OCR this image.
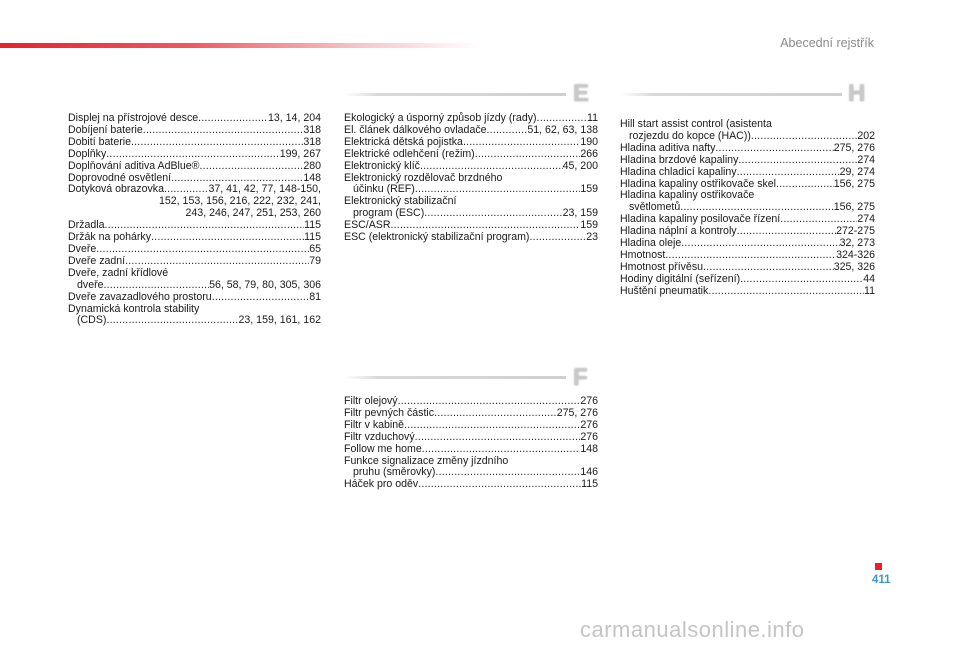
Abecední rejstřík
E
F
H
Displej na přístrojové desce .....	13, 14, 204
Dobíjení baterie .....	318
Dobití baterie .....	318
Doplňky .....	199, 267
Doplňování aditiva AdBlue® .....	280
Doprovodné osvětlení .....	148
Dotyková obrazovka .....	37, 41, 42, 77, 148-150,
152, 153, 156, 216, 222, 232, 241,
243, 246, 247, 251, 253, 260
Držadla .....	115
Držák na pohárky .....	115
Dveře .....	65
Dveře zadní .....	79
Dveře, zadní křídlové
dveře .....	56, 58, 79, 80, 305, 306
Dveře zavazadlového prostoru .....	81
Dynamická kontrola stability
(CDS) .....	23, 159, 161, 162
Ekologický a úsporný způsob jízdy (rady) .....	11
El. článek dálkového ovladače .....	51, 62, 63, 138
Elektrická dětská pojistka .....	190
Elektrické odlehčení (režim) .....	266
Elektronický klíč .....	45, 200
Elektronický rozdělovač brzdného
účinku (REF) .....	159
Elektronický stabilizační
program (ESC) .....	23, 159
ESC/ASR .....	159
ESC (elektronický stabilizační program) .....	23
Filtr olejový .....	276
Filtr pevných částic .....	275, 276
Filtr v kabině .....	276
Filtr vzduchový .....	276
Follow me home .....	148
Funkce signalizace změny jízdního
pruhu (směrovky) .....	146
Háček pro oděv .....	115
Hill start assist control (asistenta
rozjezdu do kopce (HAC)) .....	202
Hladina aditiva nafty .....	275, 276
Hladina brzdové kapaliny .....	274
Hladina chladicí kapaliny .....	29, 274
Hladina kapaliny ostřikovače skel .....	156, 275
Hladina kapaliny ostřikovače
světlometů .....	156, 275
Hladina kapaliny posilovače řízení .....	274
Hladina náplní a kontroly .....	272-275
Hladina oleje .....	32, 273
Hmotnost .....	324-326
Hmotnost přívěsu .....	325, 326
Hodiny digitální (seřízení) .....	44
Huštění pneumatik .....	11
411
carmanualsonline.info
